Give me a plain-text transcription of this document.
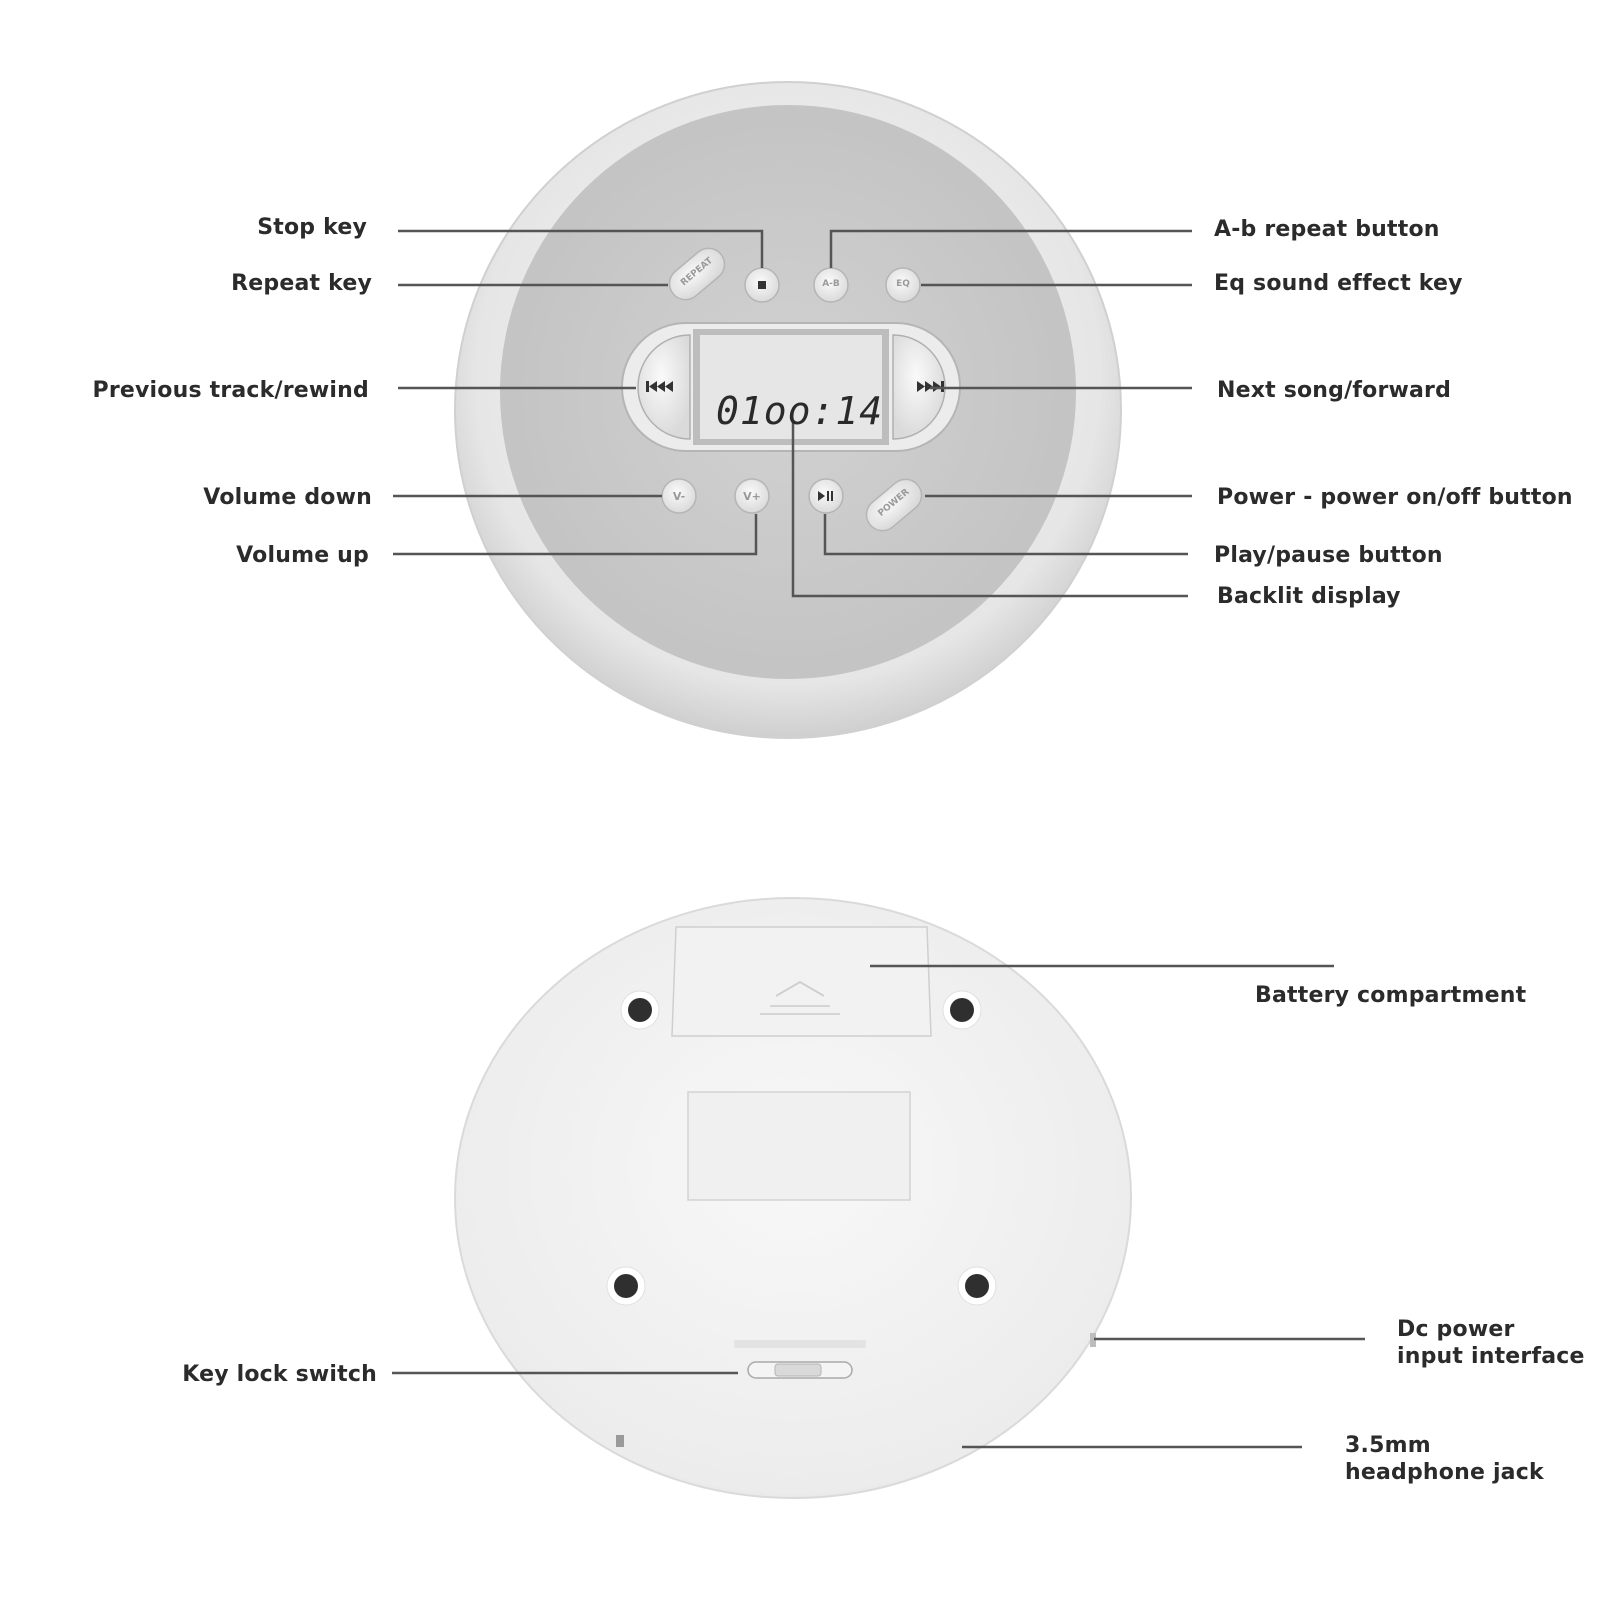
01oo:14
REPEAT	A-B	EQ
V-	V+	POWER
Stop key
Repeat key
Previous track/rewind
Volume down
Volume up
A-b repeat button
Eq sound effect key
Next song/forward
Power - power on/off button
Play/pause button
Backlit display
Battery compartment
Key lock switch
Dc power
input interface
3.5mm
headphone jack
